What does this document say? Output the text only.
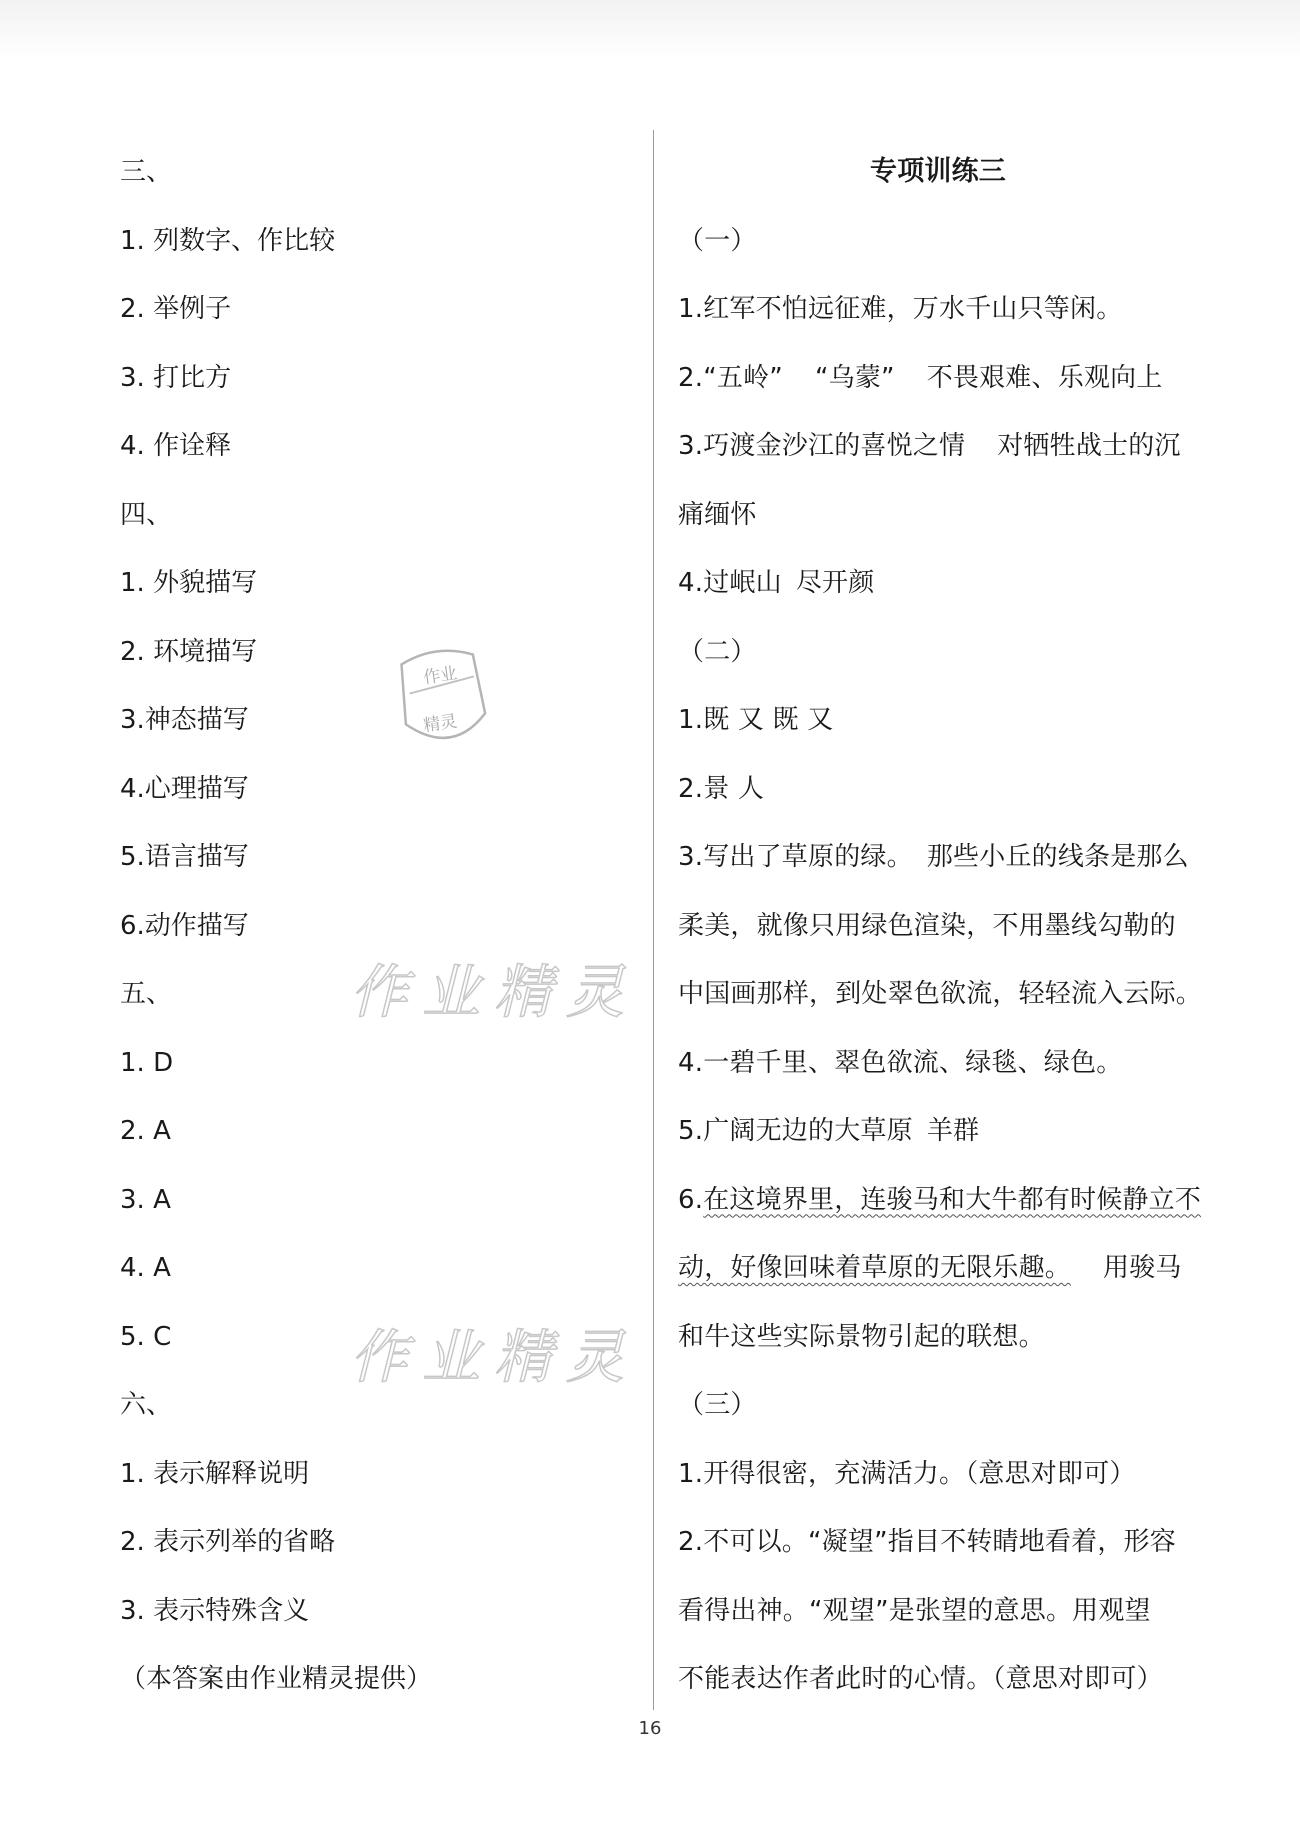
三、
1. 列数字、作比较
2. 举例子
3. 打比方
4. 作诠释
四、
1. 外貌描写
2. 环境描写
3.神态描写
4.心理描写
5.语言描写
6.动作描写
五、
1. D
2. A
3. A
4. A
5. C
六、
1. 表示解释说明
2. 表示列举的省略
3. 表示特殊含义
（本答案由作业精灵提供）
专项训练三
（一）
1.红军不怕远征难，万水千山只等闲。
2.“五岭” “乌蒙” 不畏艰难、乐观向上
3.巧渡金沙江的喜悦之情 对牺牲战士的沉
痛缅怀
4.过岷山 尽开颜
（二）
1.既 又 既 又
2.景 人
3.写出了草原的绿。 那些小丘的线条是那么
柔美，就像只用绿色渲染，不用墨线勾勒的
中国画那样，到处翠色欲流，轻轻流入云际。
4.一碧千里、翠色欲流、绿毯、绿色。
5.广阔无边的大草原 羊群
6.在这境界里，连骏马和大牛都有时候静立不
动，好像回味着草原的无限乐趣。 用骏马
和牛这些实际景物引起的联想。
（三）
1.开得很密，充满活力。（意思对即可）
2.不可以。“凝望”指目不转睛地看着，形容
看得出神。“观望”是张望的意思。用观望
不能表达作者此时的心情。（意思对即可）
作业精灵
作业精灵
作业
精灵
16
